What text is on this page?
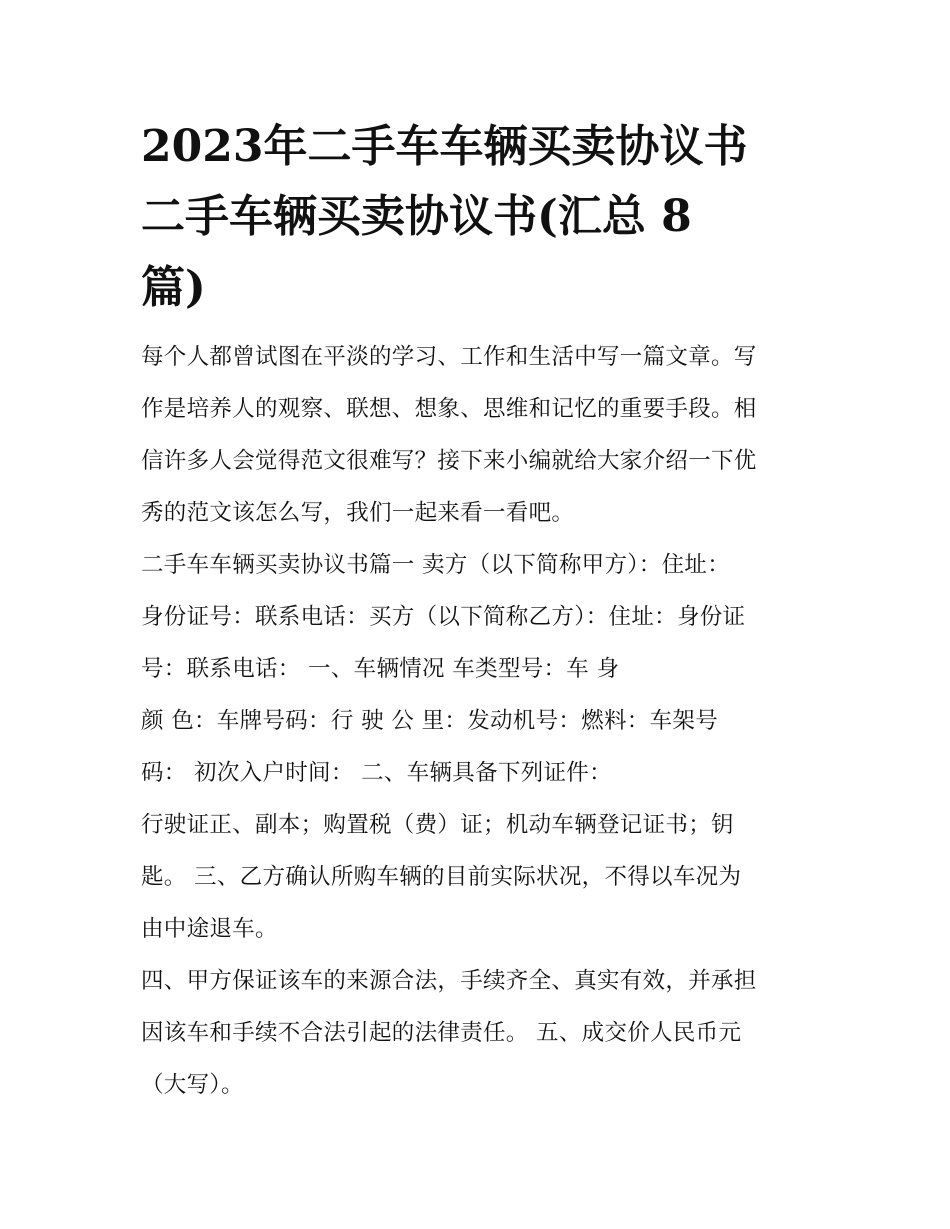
2023年二手车车辆买卖协议书
二手车辆买卖协议书(汇总 8
篇)

每个人都曾试图在平淡的学习、工作和生活中写一篇文章。写
作是培养人的观察、联想、想象、思维和记忆的重要手段。相
信许多人会觉得范文很难写？接下来小编就给大家介绍一下优
秀的范文该怎么写，我们一起来看一看吧。

二手车车辆买卖协议书篇一 卖方（以下简称甲方）：住址：
身份证号：联系电话：买方（以下简称乙方）：住址：身份证
号：联系电话： 一、车辆情况 车类型号：车 身
颜 色：车牌号码：行 驶 公 里：发动机号：燃料：车架号
码： 初次入户时间： 二、车辆具备下列证件：

行驶证正、副本；购置税（费）证；机动车辆登记证书；钥
匙。 三、乙方确认所购车辆的目前实际状况，不得以车况为
由中途退车。

四、甲方保证该车的来源合法，手续齐全、真实有效，并承担
因该车和手续不合法引起的法律责任。 五、成交价人民币元
（大写）。
